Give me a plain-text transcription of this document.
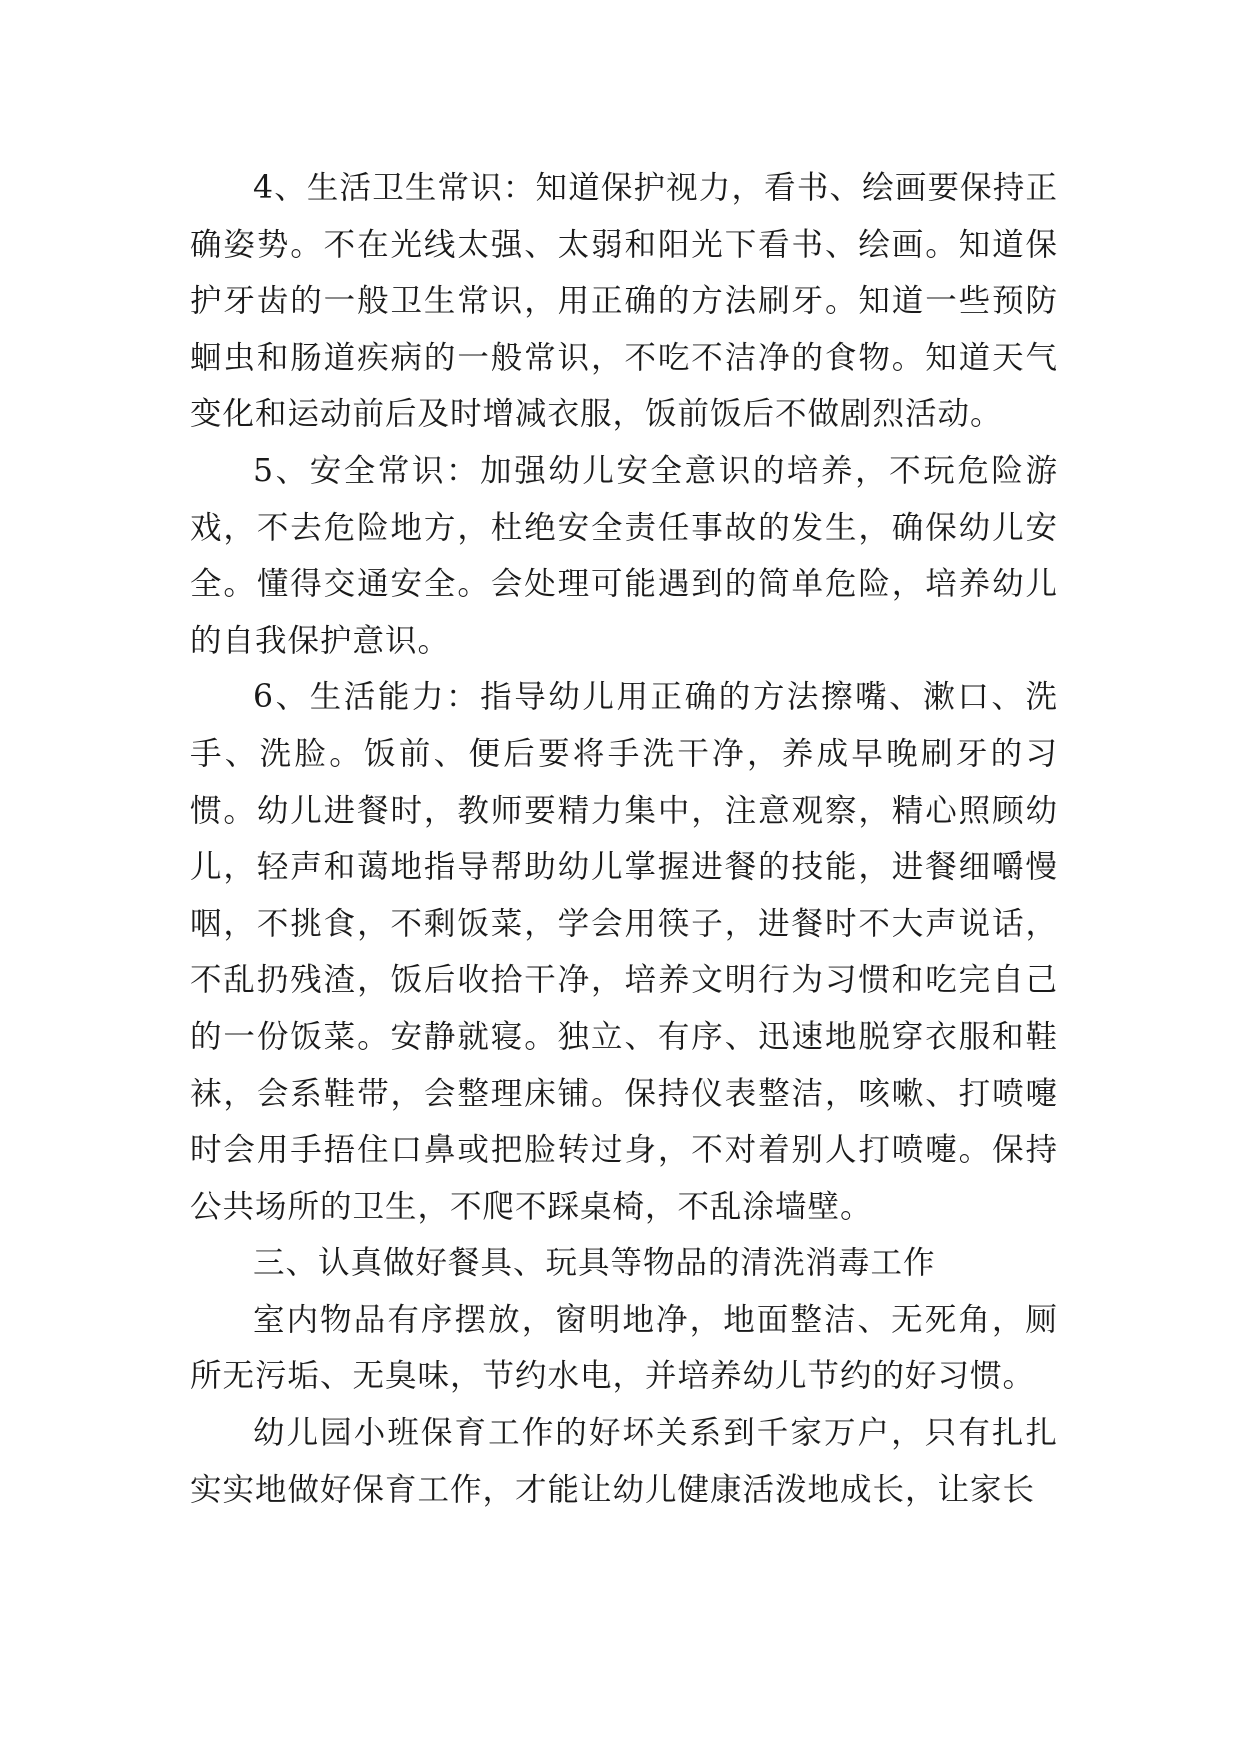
4、生活卫生常识：知道保护视力，看书、绘画要保持正确姿势。不在光线太强、太弱和阳光下看书、绘画。知道保护牙齿的一般卫生常识，用正确的方法刷牙。知道一些预防蛔虫和肠道疾病的一般常识，不吃不洁净的食物。知道天气变化和运动前后及时增减衣服，饭前饭后不做剧烈活动。

5、安全常识：加强幼儿安全意识的培养，不玩危险游戏，不去危险地方，杜绝安全责任事故的发生，确保幼儿安全。懂得交通安全。会处理可能遇到的简单危险，培养幼儿的自我保护意识。

6、生活能力：指导幼儿用正确的方法擦嘴、漱口、洗手、洗脸。饭前、便后要将手洗干净，养成早晚刷牙的习惯。幼儿进餐时，教师要精力集中，注意观察，精心照顾幼儿，轻声和蔼地指导帮助幼儿掌握进餐的技能，进餐细嚼慢咽，不挑食，不剩饭菜，学会用筷子，进餐时不大声说话，不乱扔残渣，饭后收拾干净，培养文明行为习惯和吃完自己的一份饭菜。安静就寝。独立、有序、迅速地脱穿衣服和鞋袜，会系鞋带，会整理床铺。保持仪表整洁，咳嗽、打喷嚏时会用手捂住口鼻或把脸转过身，不对着别人打喷嚏。保持公共场所的卫生，不爬不踩桌椅，不乱涂墙壁。

三、认真做好餐具、玩具等物品的清洗消毒工作

室内物品有序摆放，窗明地净，地面整洁、无死角，厕所无污垢、无臭味，节约水电，并培养幼儿节约的好习惯。

幼儿园小班保育工作的好坏关系到千家万户，只有扎扎实实地做好保育工作，才能让幼儿健康活泼地成长，让家长
